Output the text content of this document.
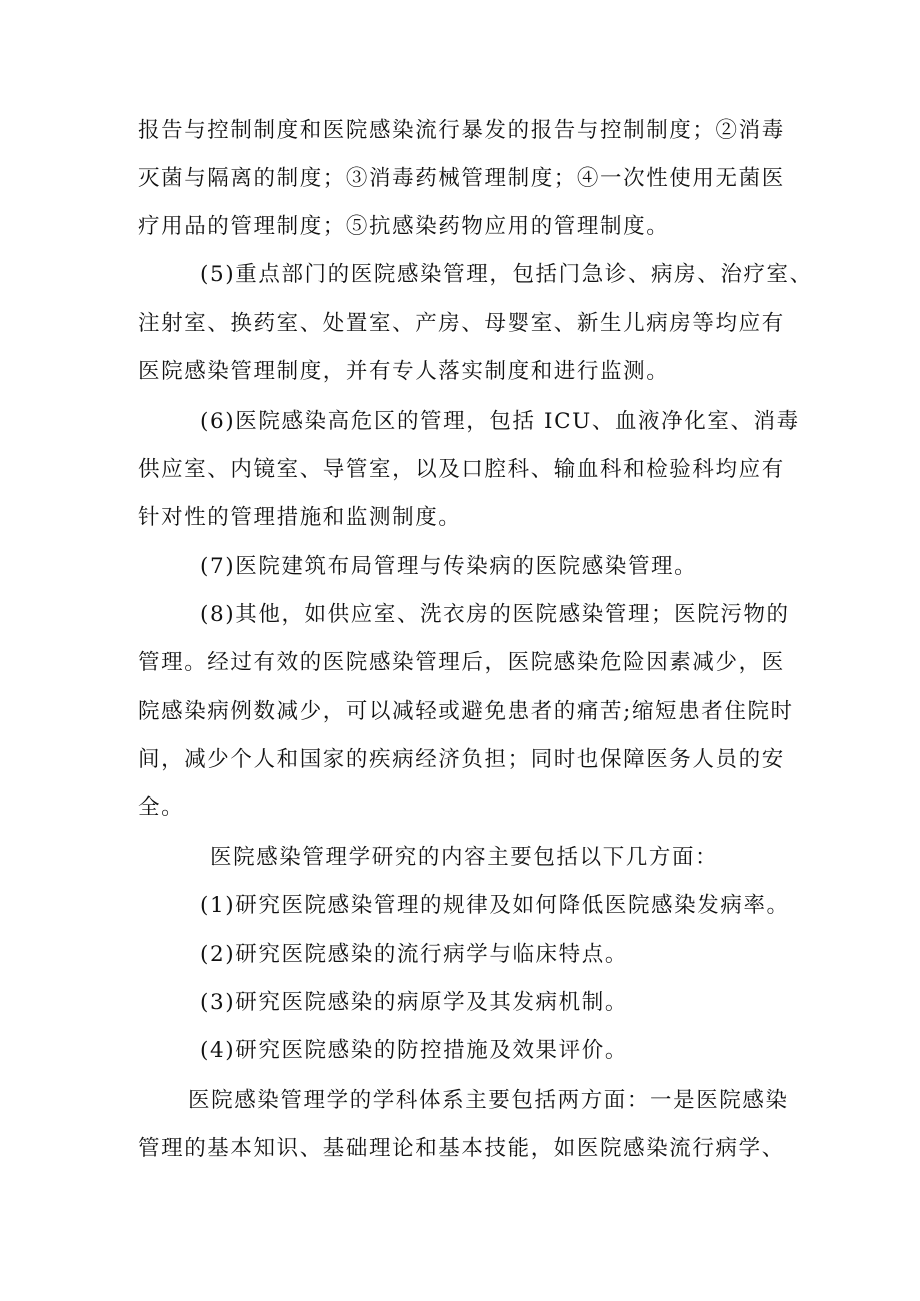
报告与控制制度和医院感染流行暴发的报告与控制制度；②消毒
灭菌与隔离的制度；③消毒药械管理制度；④一次性使用无菌医
疗用品的管理制度；⑤抗感染药物应用的管理制度。
(5)重点部门的医院感染管理，包括门急诊、病房、治疗室、
注射室、换药室、处置室、产房、母婴室、新生儿病房等均应有
医院感染管理制度，并有专人落实制度和进行监测。
(6)医院感染高危区的管理，包括 ICU、血液净化室、消毒
供应室、内镜室、导管室，以及口腔科、输血科和检验科均应有
针对性的管理措施和监测制度。
(7)医院建筑布局管理与传染病的医院感染管理。
(8)其他，如供应室、洗衣房的医院感染管理；医院污物的
管理。经过有效的医院感染管理后，医院感染危险因素减少，医
院感染病例数减少，可以减轻或避免患者的痛苦;缩短患者住院时
间，减少个人和国家的疾病经济负担；同时也保障医务人员的安
全。
医院感染管理学研究的内容主要包括以下几方面：
(1)研究医院感染管理的规律及如何降低医院感染发病率。
(2)研究医院感染的流行病学与临床特点。
(3)研究医院感染的病原学及其发病机制。
(4)研究医院感染的防控措施及效果评价。
医院感染管理学的学科体系主要包括两方面：一是医院感染
管理的基本知识、基础理论和基本技能，如医院感染流行病学、
